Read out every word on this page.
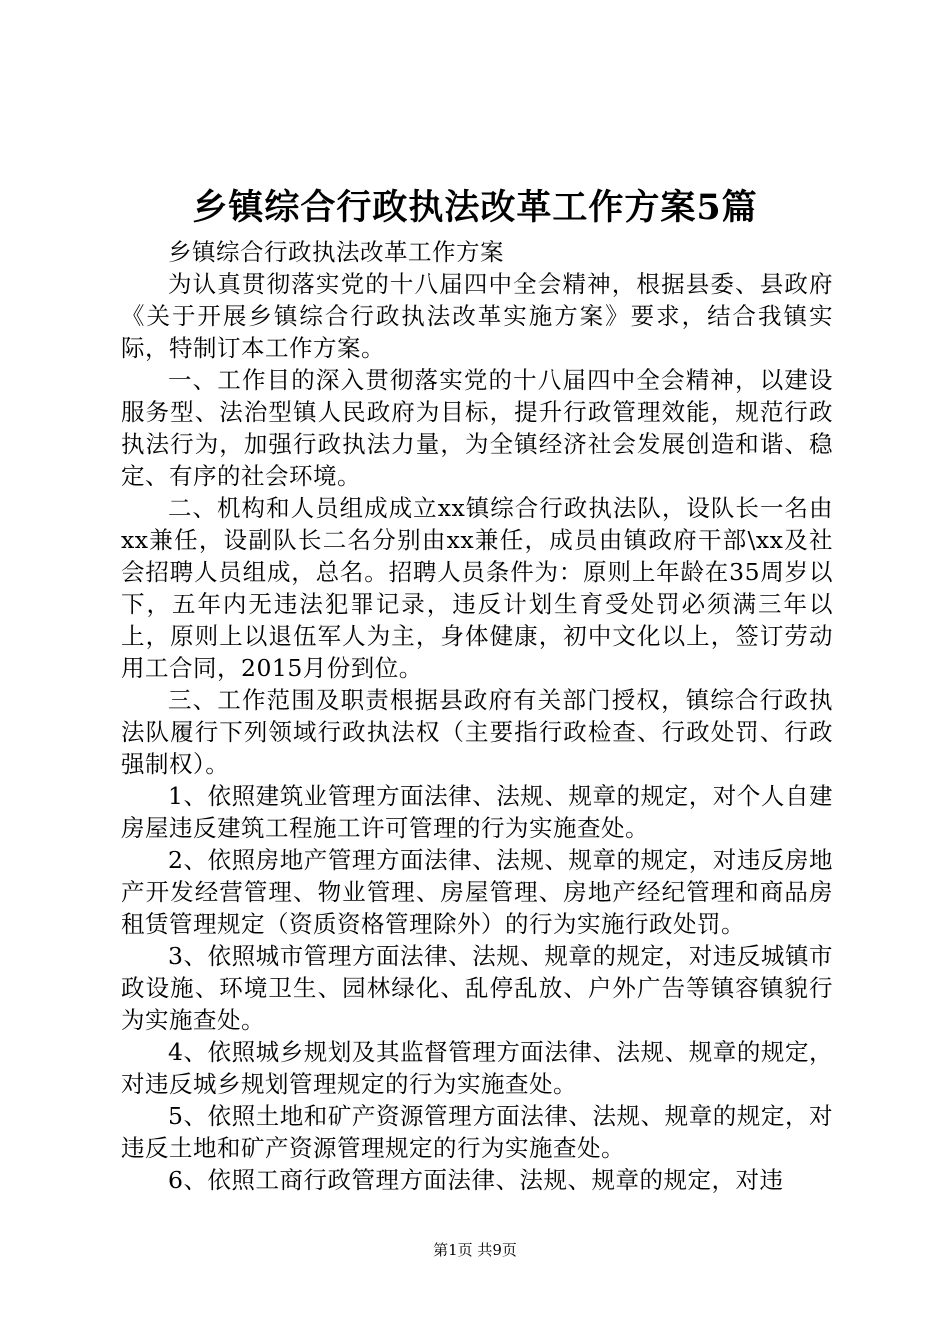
乡镇综合行政执法改革工作方案5篇

乡镇综合行政执法改革工作方案

为认真贯彻落实党的十八届四中全会精神，根据县委、县政府《关于开展乡镇综合行政执法改革实施方案》要求，结合我镇实际，特制订本工作方案。

一、工作目的深入贯彻落实党的十八届四中全会精神，以建设服务型、法治型镇人民政府为目标，提升行政管理效能，规范行政执法行为，加强行政执法力量，为全镇经济社会发展创造和谐、稳定、有序的社会环境。

二、机构和人员组成成立xx镇综合行政执法队，设队长一名由xx兼任，设副队长二名分别由xx兼任，成员由镇政府干部\xx及社会招聘人员组成，总名。招聘人员条件为：原则上年龄在35周岁以下，五年内无违法犯罪记录，违反计划生育受处罚必须满三年以上，原则上以退伍军人为主，身体健康，初中文化以上，签订劳动用工合同，2015月份到位。

三、工作范围及职责根据县政府有关部门授权，镇综合行政执法队履行下列领域行政执法权（主要指行政检查、行政处罚、行政强制权）。

1、依照建筑业管理方面法律、法规、规章的规定，对个人自建房屋违反建筑工程施工许可管理的行为实施查处。

2、依照房地产管理方面法律、法规、规章的规定，对违反房地产开发经营管理、物业管理、房屋管理、房地产经纪管理和商品房租赁管理规定（资质资格管理除外）的行为实施行政处罚。

3、依照城市管理方面法律、法规、规章的规定，对违反城镇市政设施、环境卫生、园林绿化、乱停乱放、户外广告等镇容镇貌行为实施查处。

4、依照城乡规划及其监督管理方面法律、法规、规章的规定，对违反城乡规划管理规定的行为实施查处。

5、依照土地和矿产资源管理方面法律、法规、规章的规定，对违反土地和矿产资源管理规定的行为实施查处。

6、依照工商行政管理方面法律、法规、规章的规定，对违

第1页 共9页
